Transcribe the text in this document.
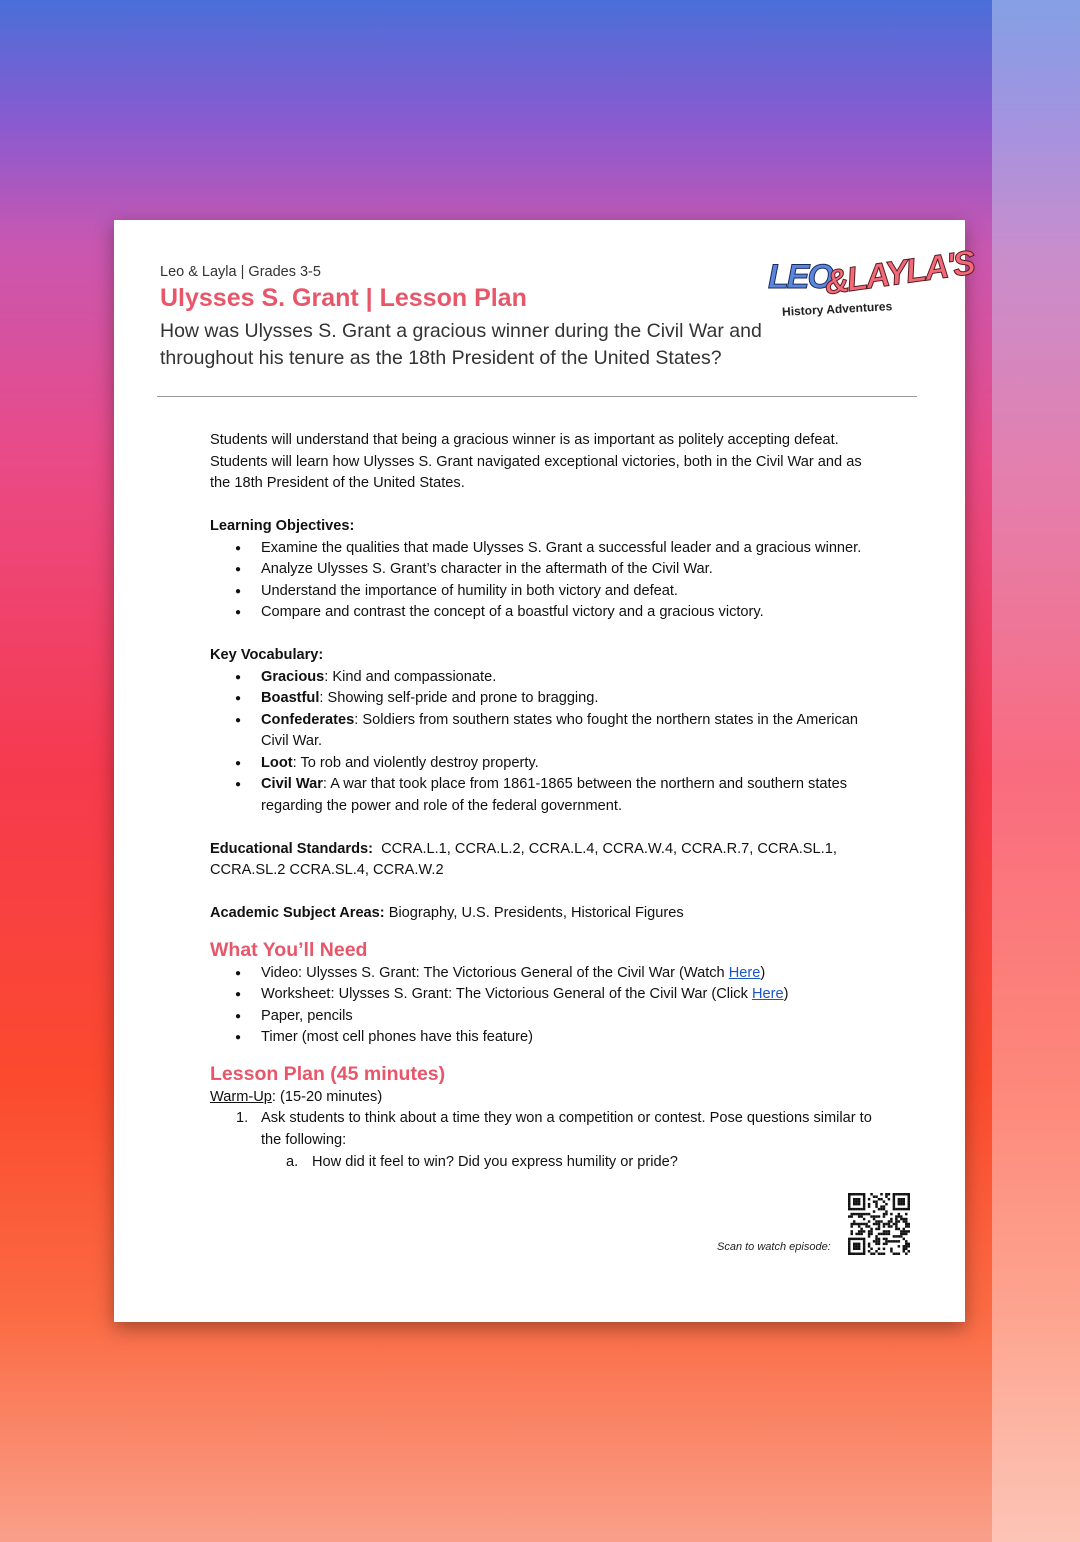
Leo & Layla | Grades 3-5
Ulysses S. Grant | Lesson Plan
How was Ulysses S. Grant a gracious winner during the Civil War and throughout his tenure as the 18th President of the United States?
LEO
&LAYLA'S
History Adventures

Students will understand that being a gracious winner is as important as politely accepting defeat. Students will learn how Ulysses S. Grant navigated exceptional victories, both in the Civil War and as the 18th President of the United States.

Learning Objectives:

● Examine the qualities that made Ulysses S. Grant a successful leader and a gracious winner.
● Analyze Ulysses S. Grant’s character in the aftermath of the Civil War.
● Understand the importance of humility in both victory and defeat.
● Compare and contrast the concept of a boastful victory and a gracious victory.

Key Vocabulary:

● Gracious: Kind and compassionate.
● Boastful: Showing self-pride and prone to bragging.
● Confederates: Soldiers from southern states who fought the northern states in the American Civil War.
● Loot: To rob and violently destroy property.
● Civil War: A war that took place from 1861-1865 between the northern and southern states regarding the power and role of the federal government.

Educational Standards:  CCRA.L.1, CCRA.L.2, CCRA.L.4, CCRA.W.4, CCRA.R.7, CCRA.SL.1, CCRA.SL.2 CCRA.SL.4, CCRA.W.2

Academic Subject Areas: Biography, U.S. Presidents, Historical Figures

What You’ll Need
● Video: Ulysses S. Grant: The Victorious General of the Civil War (Watch Here)
● Worksheet: Ulysses S. Grant: The Victorious General of the Civil War (Click Here)
● Paper, pencils
● Timer (most cell phones have this feature)
Lesson Plan (45 minutes)

Warm-Up: (15-20 minutes)

1. Ask students to think about a time they won a competition or contest. Pose questions similar to the following:
a. How did it feel to win? Did you express humility or pride?
Scan to watch episode:
